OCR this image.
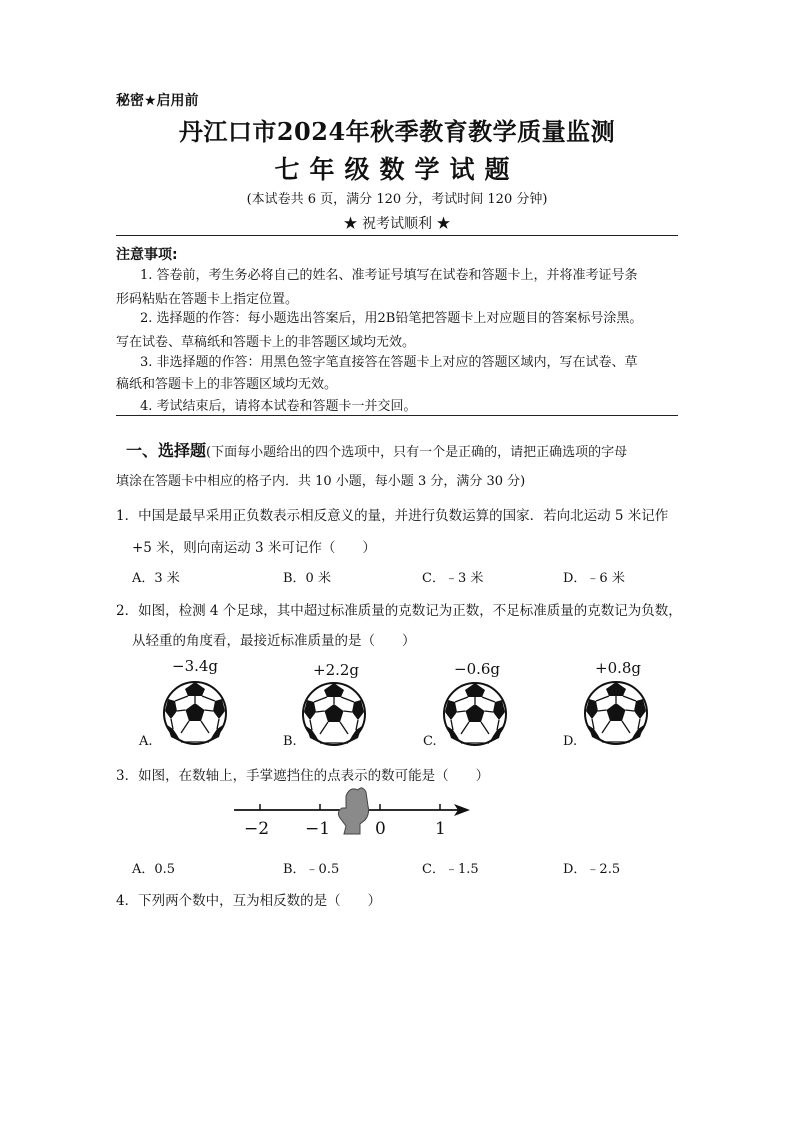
秘密★启用前
丹江口市2024年秋季教育教学质量监测
七年级数学试题
(本试卷共 6 页，满分 120 分，考试时间 120 分钟)
★ 祝考试顺利 ★
注意事项:
1. 答卷前，考生务必将自己的姓名、准考证号填写在试卷和答题卡上，并将准考证号条
形码粘贴在答题卡上指定位置。
2. 选择题的作答：每小题选出答案后，用2B铅笔把答题卡上对应题目的答案标号涂黑。
写在试卷、草稿纸和答题卡上的非答题区域均无效。
3. 非选择题的作答：用黑色签字笔直接答在答题卡上对应的答题区域内，写在试卷、草
稿纸和答题卡上的非答题区域均无效。
4. 考试结束后，请将本试卷和答题卡一并交回。
一、选择题(下面每小题给出的四个选项中，只有一个是正确的，请把正确选项的字母
填涂在答题卡中相应的格子内．共 10 小题，每小题 3 分，满分 30 分)
1．中国是最早采用正负数表示相反意义的量，并进行负数运算的国家．若向北运动 5 米记作
+5 米，则向南运动 3 米可记作（　　）
A．3 米	B．0 米	C．﹣3 米	D．﹣6 米
2．如图，检测 4 个足球，其中超过标准质量的克数记为正数，不足标准质量的克数记为负数，
从轻重的角度看，最接近标准质量的是（　　）
−3.4g
A.
+2.2g
B.
−0.6g
C.
+0.8g
D.
3．如图，在数轴上，手掌遮挡住的点表示的数可能是（　　）
−2 −1	0	1
A．0.5	B．﹣0.5	C．﹣1.5	D．﹣2.5
4．下列两个数中，互为相反数的是（　　）
